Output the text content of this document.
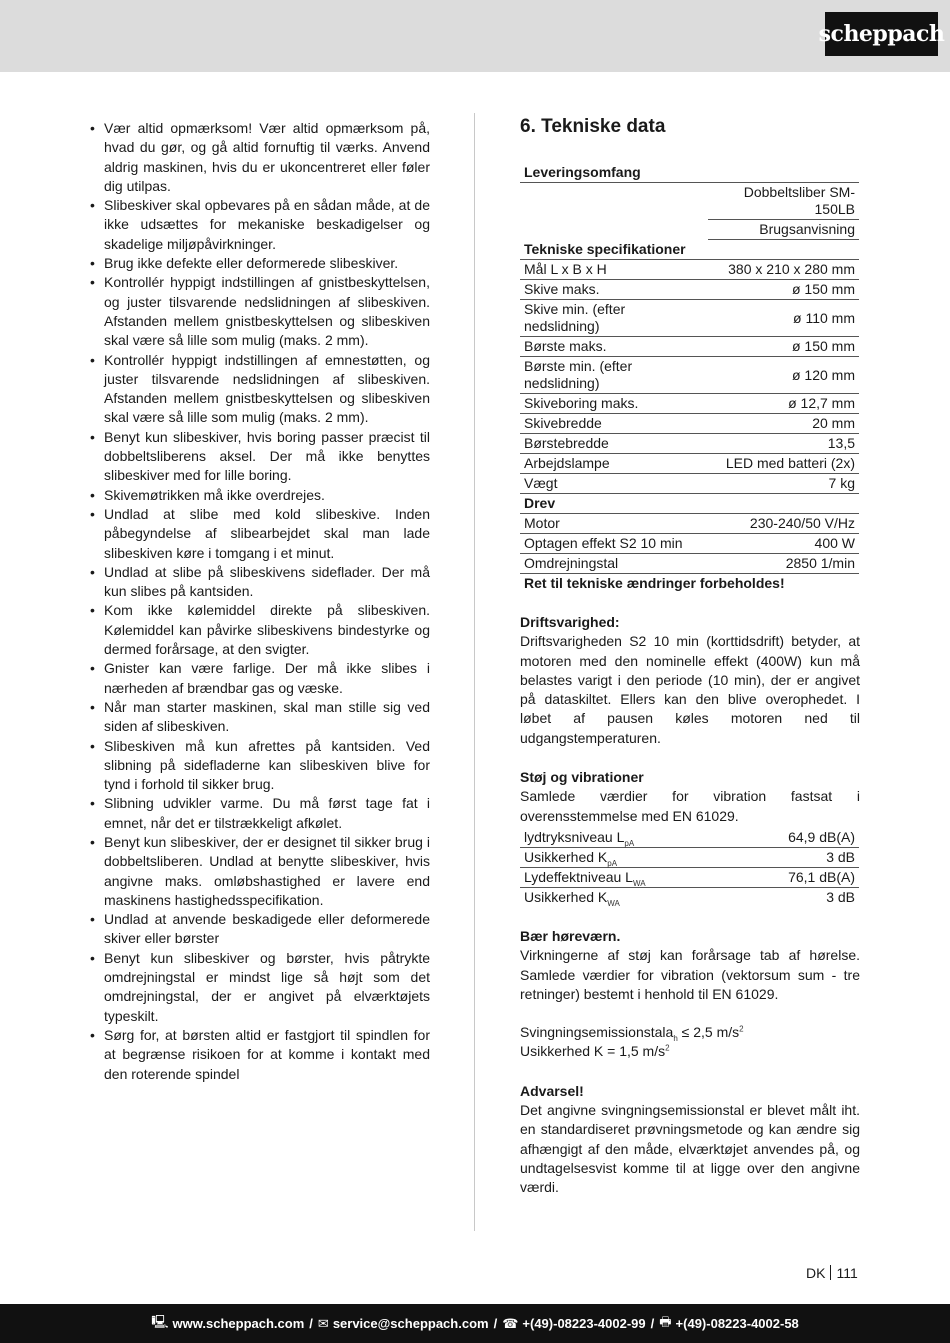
scheppach
• Vær altid opmærksom! Vær altid opmærksom på, hvad du gør, og gå altid fornuftig til værks. Anvend aldrig maskinen, hvis du er ukoncentreret eller føler dig utilpas.
• Slibeskiver skal opbevares på en sådan måde, at de ikke udsættes for mekaniske beskadigelser og skadelige miljøpåvirkninger.
• Brug ikke defekte eller deformerede slibeskiver.
• Kontrollér hyppigt indstillingen af gnistbeskyttelsen, og juster tilsvarende nedslidningen af slibeskiven. Afstanden mellem gnistbeskyttelsen og slibeskiven skal være så lille som mulig (maks. 2 mm).
• Kontrollér hyppigt indstillingen af emnestøtten, og juster tilsvarende nedslidningen af slibeskiven. Afstanden mellem gnistbeskyttelsen og slibeskiven skal være så lille som mulig (maks. 2 mm).
• Benyt kun slibeskiver, hvis boring passer præcist til dobbeltsliberens aksel. Der må ikke benyttes slibeskiver med for lille boring.
• Skivemøtrikken må ikke overdrejes.
• Undlad at slibe med kold slibeskive. Inden påbegyndelse af slibearbejdet skal man lade slibeskiven køre i tomgang i et minut.
• Undlad at slibe på slibeskivens sideflader. Der må kun slibes på kantsiden.
• Kom ikke kølemiddel direkte på slibeskiven. Kølemiddel kan påvirke slibeskivens bindestyrke og dermed forårsage, at den svigter.
• Gnister kan være farlige. Der må ikke slibes i nærheden af brændbar gas og væske.
• Når man starter maskinen, skal man stille sig ved siden af slibeskiven.
• Slibeskiven må kun afrettes på kantsiden. Ved slibning på sidefladerne kan slibeskiven blive for tynd i forhold til sikker brug.
• Slibning udvikler varme. Du må først tage fat i emnet, når det er tilstrækkeligt afkølet.
• Benyt kun slibeskiver, der er designet til sikker brug i dobbeltsliberen. Undlad at benytte slibeskiver, hvis angivne maks. omløbshastighed er lavere end maskinens hastighedsspecifikation.
• Undlad at anvende beskadigede eller deformerede skiver eller børster
• Benyt kun slibeskiver og børster, hvis påtrykte omdrejningstal er mindst lige så højt som det omdrejningstal, der er angivet på elværktøjets typeskilt.
• Sørg for, at børsten altid er fastgjort til spindlen for at begrænse risikoen for at komme i kontakt med den roterende spindel
6. Tekniske data
Leveringsomfang	
	Dobbeltsliber SM-150LB
	Brugsanvisning
Tekniske specifikationer	
Mål L x B x H	380 x 210 x 280 mm
Skive maks.	ø 150 mm
Skive min. (efter nedslidning)	ø 110 mm
Børste maks.	ø 150 mm
Børste min. (efter nedslidning)	ø 120 mm
Skiveboring maks.	ø 12,7 mm
Skivebredde	20 mm
Børstebredde	13,5
Arbejdslampe	LED med batteri (2x)
Vægt	7 kg
Drev	
Motor	230-240/50 V/Hz
Optagen effekt S2 10 min	400 W
Omdrejningstal	2850 1/min
Ret til tekniske ændringer forbeholdes!	
Driftsvarighed:
Driftsvarigheden S2 10 min (korttidsdrift) betyder, at motoren med den nominelle effekt (400W) kun må belastes varigt i den periode (10 min), der er angivet på dataskiltet. Ellers kan den blive overophedet. I løbet af pausen køles motoren ned til udgangstemperaturen.
Støj og vibrationer
Samlede værdier for vibration fastsat i overensstemmelse med EN 61029.
lydtryksniveau $L_{pA}$	64,9 dB(A)
Usikkerhed $K_{pA}$	3 dB
Lydeffektniveau $L_{WA}$	76,1 dB(A)
Usikkerhed $K_{WA}$	3 dB
Bær høreværn.
Virkningerne af støj kan forårsage tab af hørelse. Samlede værdier for vibration (vektorsum sum - tre retninger) bestemt i henhold til EN 61029.
Svingningsemissionstala$_h$ ≤ 2,5 $m/s^2$
Usikkerhed K = 1,5 $m/s^2$
Advarsel!
Det angivne svingningsemissionstal er blevet målt iht. en standardiseret prøvningsmetode og kan ændre sig afhængigt af den måde, elværktøjet anvendes på, og undtagelsesvist komme til at ligge over den angivne værdi.
DK 111
🖳 www.scheppach.com / ✉ service@scheppach.com / ☎ +(49)-08223-4002-99 / 🖶 +(49)-08223-4002-58
